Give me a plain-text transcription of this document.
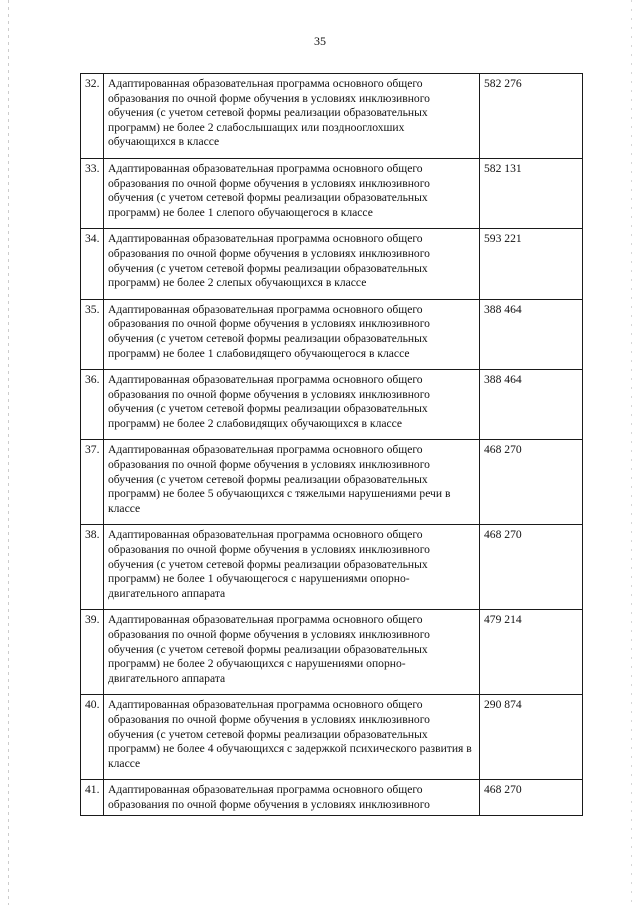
35
32.	Адаптированная образовательная программа основного общего образования по очной форме обучения в условиях инклюзивного обучения (с учетом сетевой формы реализации образовательных программ) не более 2 слабослышащих или позднооглохших обучающихся в классе	582 276
33.	Адаптированная образовательная программа основного общего образования по очной форме обучения в условиях инклюзивного обучения (с учетом сетевой формы реализации образовательных программ) не более 1 слепого обучающегося в классе	582 131
34.	Адаптированная образовательная программа основного общего образования по очной форме обучения в условиях инклюзивного обучения (с учетом сетевой формы реализации образовательных программ) не более 2 слепых обучающихся в классе	593 221
35.	Адаптированная образовательная программа основного общего образования по очной форме обучения в условиях инклюзивного обучения (с учетом сетевой формы реализации образовательных программ) не более 1 слабовидящего обучающегося в классе	388 464
36.	Адаптированная образовательная программа основного общего образования по очной форме обучения в условиях инклюзивного обучения (с учетом сетевой формы реализации образовательных программ) не более 2 слабовидящих обучающихся в классе	388 464
37.	Адаптированная образовательная программа основного общего образования по очной форме обучения в условиях инклюзивного обучения (с учетом сетевой формы реализации образовательных программ) не более 5 обучающихся с тяжелыми нарушениями речи в классе	468 270
38.	Адаптированная образовательная программа основного общего образования по очной форме обучения в условиях инклюзивного обучения (с учетом сетевой формы реализации образовательных программ) не более 1 обучающегося с нарушениями опорно-двигательного аппарата	468 270
39.	Адаптированная образовательная программа основного общего образования по очной форме обучения в условиях инклюзивного обучения (с учетом сетевой формы реализации образовательных программ) не более 2 обучающихся с нарушениями опорно-двигательного аппарата	479 214
40.	Адаптированная образовательная программа основного общего образования по очной форме обучения в условиях инклюзивного обучения (с учетом сетевой формы реализации образовательных программ) не более 4 обучающихся с задержкой психического развития в классе	290 874
41.	Адаптированная образовательная программа основного общего образования по очной форме обучения в условиях инклюзивного	468 270
